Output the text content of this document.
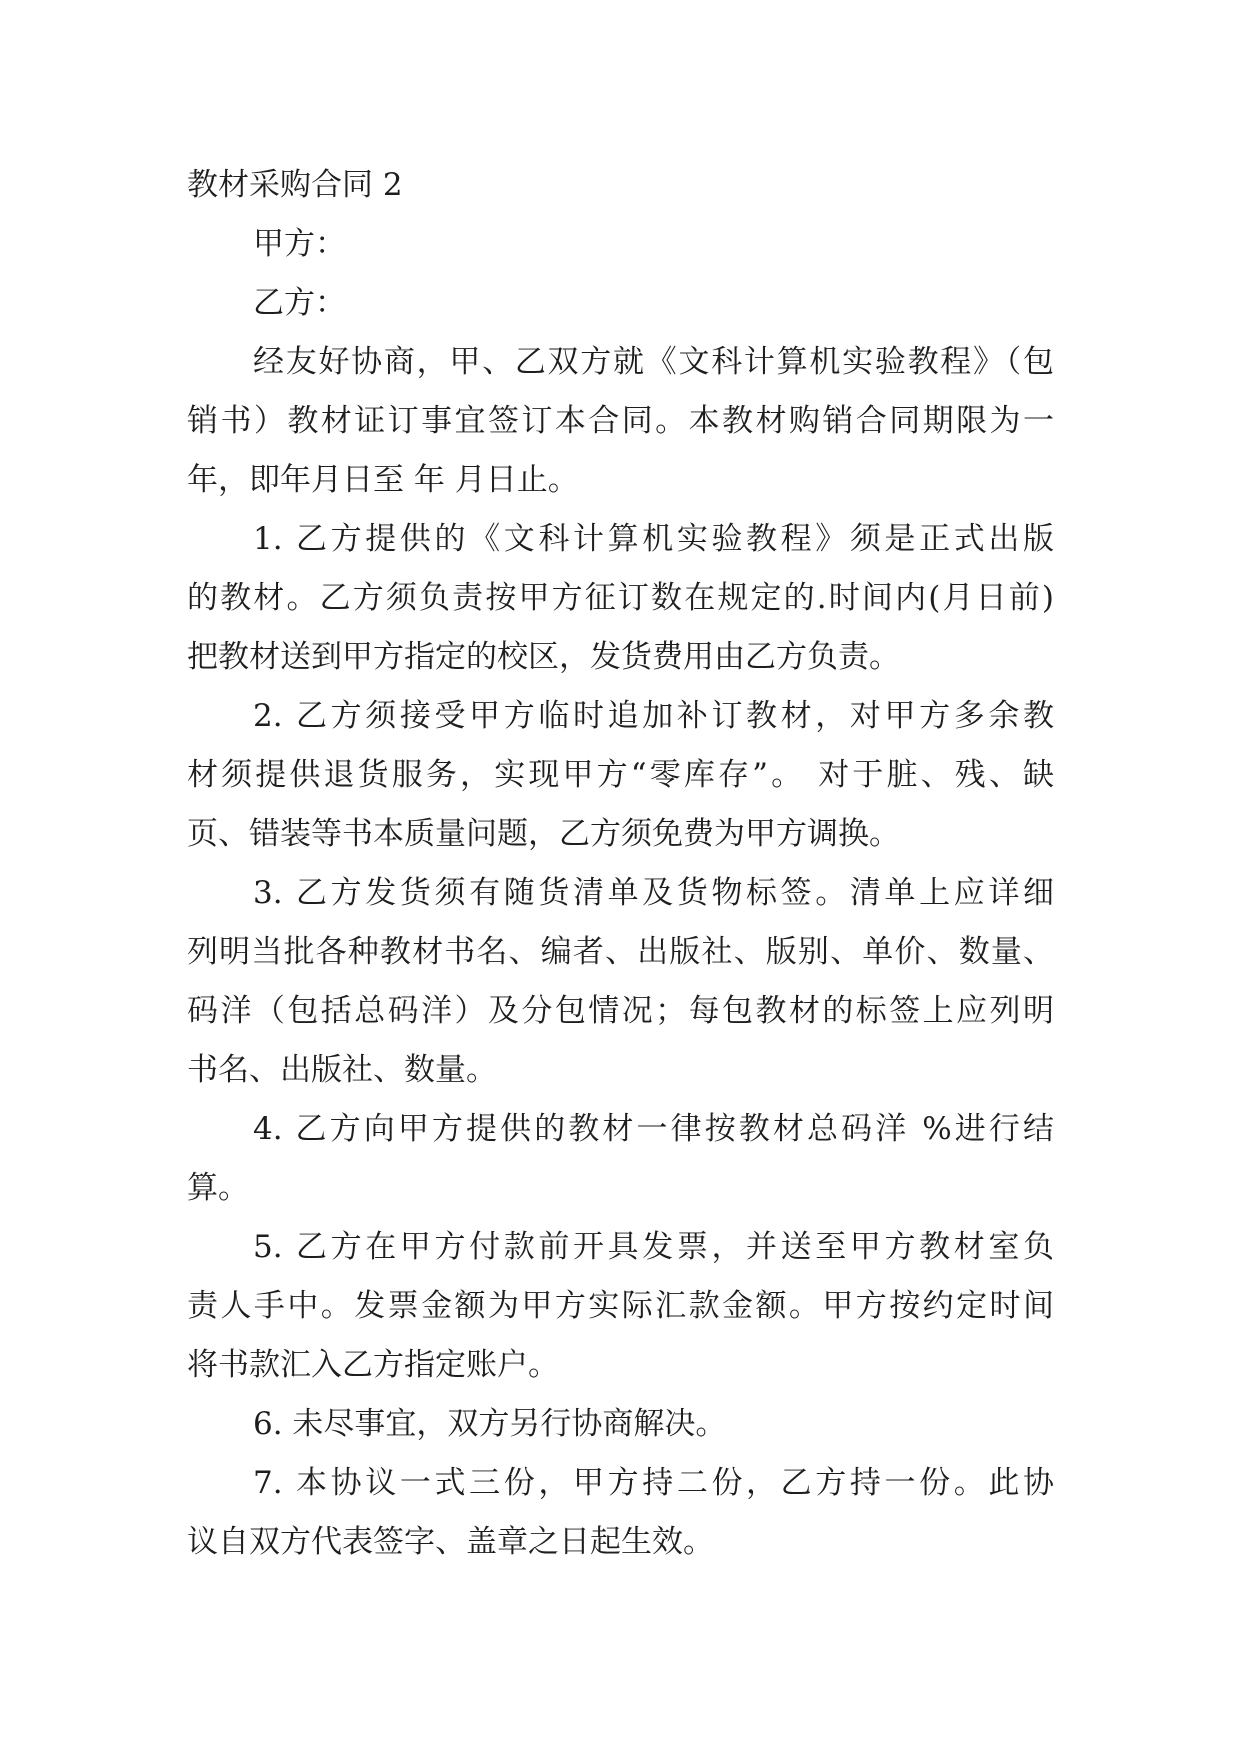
教材采购合同 2
甲方：
乙方：
经友好协商，甲、乙双方就《文科计算机实验教程》（包
销书）教材证订事宜签订本合同。本教材购销合同期限为一
年，即年月日至 年 月日止。
1. 乙方提供的《文科计算机实验教程》须是正式出版
的教材。乙方须负责按甲方征订数在规定的.时间内(月日前)
把教材送到甲方指定的校区，发货费用由乙方负责。
2. 乙方须接受甲方临时追加补订教材，对甲方多余教
材须提供退货服务，实现甲方“零库存”。 对于脏、残、缺
页、错装等书本质量问题，乙方须免费为甲方调换。
3. 乙方发货须有随货清单及货物标签。清单上应详细
列明当批各种教材书名、编者、出版社、版别、单价、数量、
码洋（包括总码洋）及分包情况；每包教材的标签上应列明
书名、出版社、数量。
4. 乙方向甲方提供的教材一律按教材总码洋 %进行结
算。
5. 乙方在甲方付款前开具发票，并送至甲方教材室负
责人手中。发票金额为甲方实际汇款金额。甲方按约定时间
将书款汇入乙方指定账户。
6. 未尽事宜，双方另行协商解决。
7. 本协议一式三份，甲方持二份，乙方持一份。此协
议自双方代表签字、盖章之日起生效。
